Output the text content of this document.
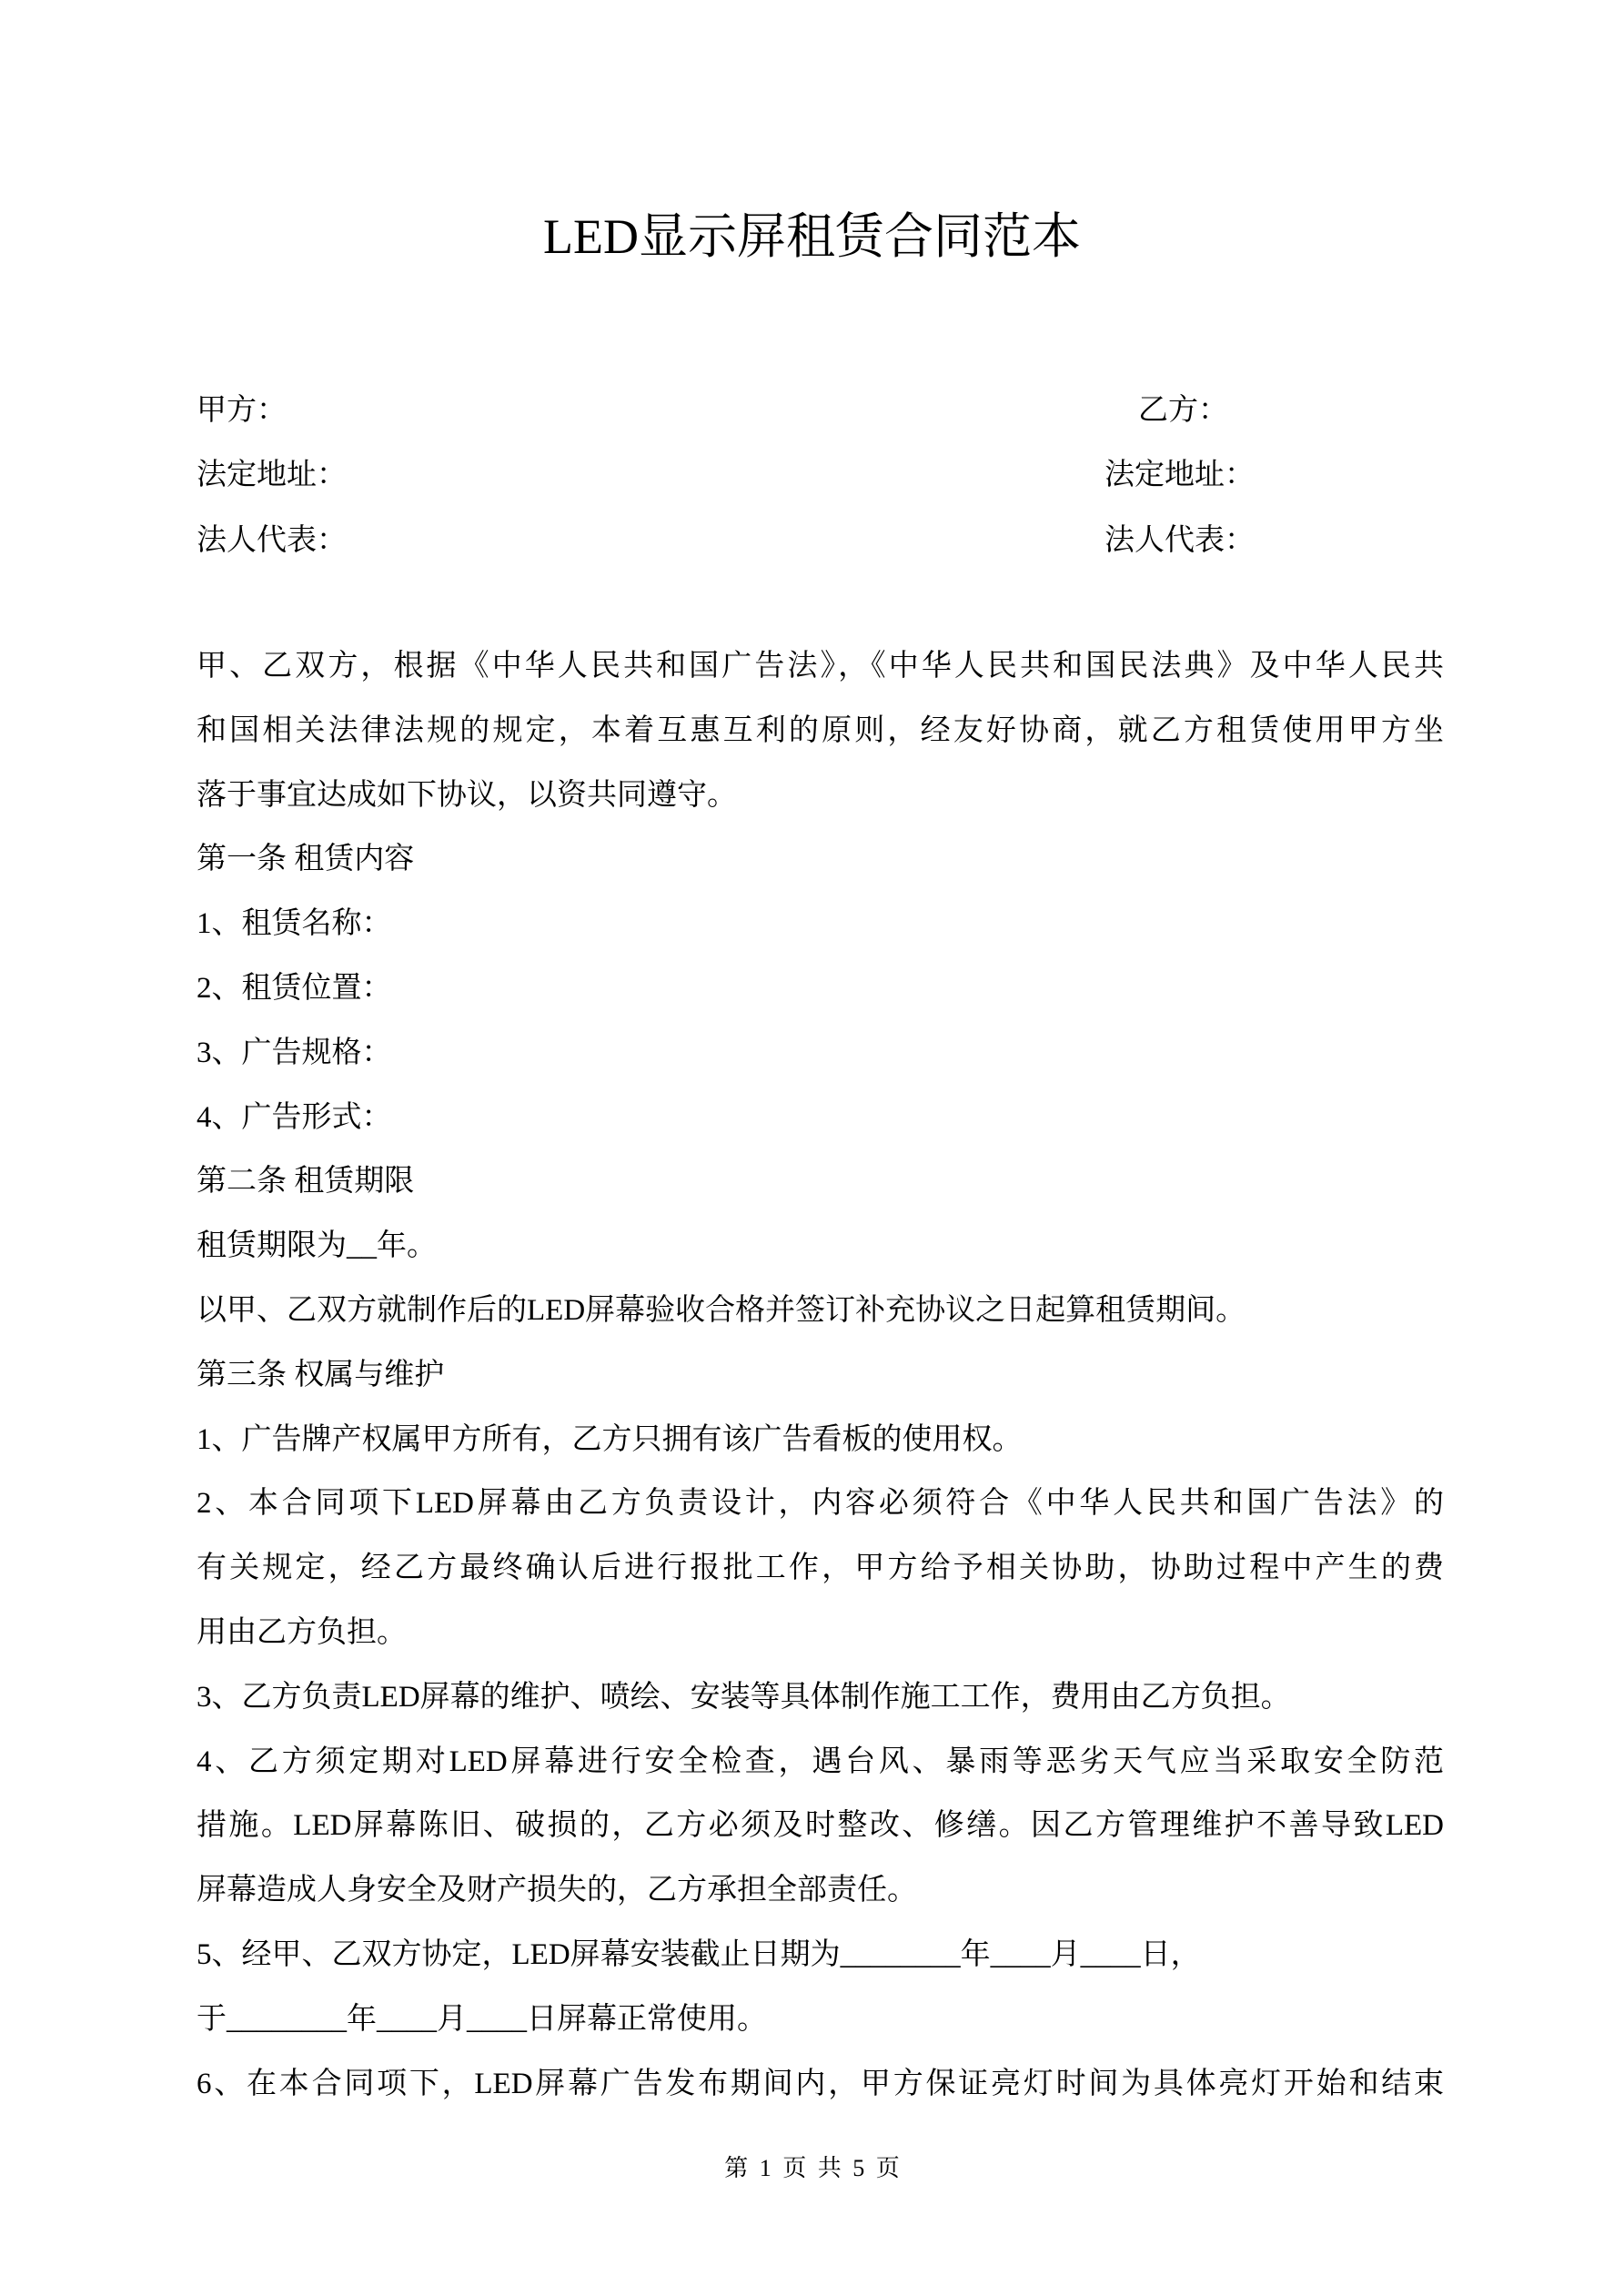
LED显示屏租赁合同范本
甲方：	乙方：
法定地址：	法定地址：
法人代表：	法人代表：
甲、乙双方，根据《中华人民共和国广告法》，《中华人民共和国民法典》及中华人民共
和国相关法律法规的规定，本着互惠互利的原则，经友好协商，就乙方租赁使用甲方坐
落于事宜达成如下协议，以资共同遵守。
第一条 租赁内容
1、租赁名称：
2、租赁位置：
3、广告规格：
4、广告形式：
第二条 租赁期限
租赁期限为__年。
以甲、乙双方就制作后的LED屏幕验收合格并签订补充协议之日起算租赁期间。
第三条 权属与维护
1、广告牌产权属甲方所有，乙方只拥有该广告看板的使用权。
2、本合同项下LED屏幕由乙方负责设计，内容必须符合《中华人民共和国广告法》的
有关规定，经乙方最终确认后进行报批工作，甲方给予相关协助，协助过程中产生的费
用由乙方负担。
3、乙方负责LED屏幕的维护、喷绘、安装等具体制作施工工作，费用由乙方负担。
4、乙方须定期对LED屏幕进行安全检查，遇台风、暴雨等恶劣天气应当采取安全防范
措施。LED屏幕陈旧、破损的，乙方必须及时整改、修缮。因乙方管理维护不善导致LED
屏幕造成人身安全及财产损失的，乙方承担全部责任。
5、经甲、乙双方协定，LED屏幕安装截止日期为________年____月____日，
于________年____月____日屏幕正常使用。
6、在本合同项下，LED屏幕广告发布期间内，甲方保证亮灯时间为具体亮灯开始和结束
第 1 页 共 5 页
